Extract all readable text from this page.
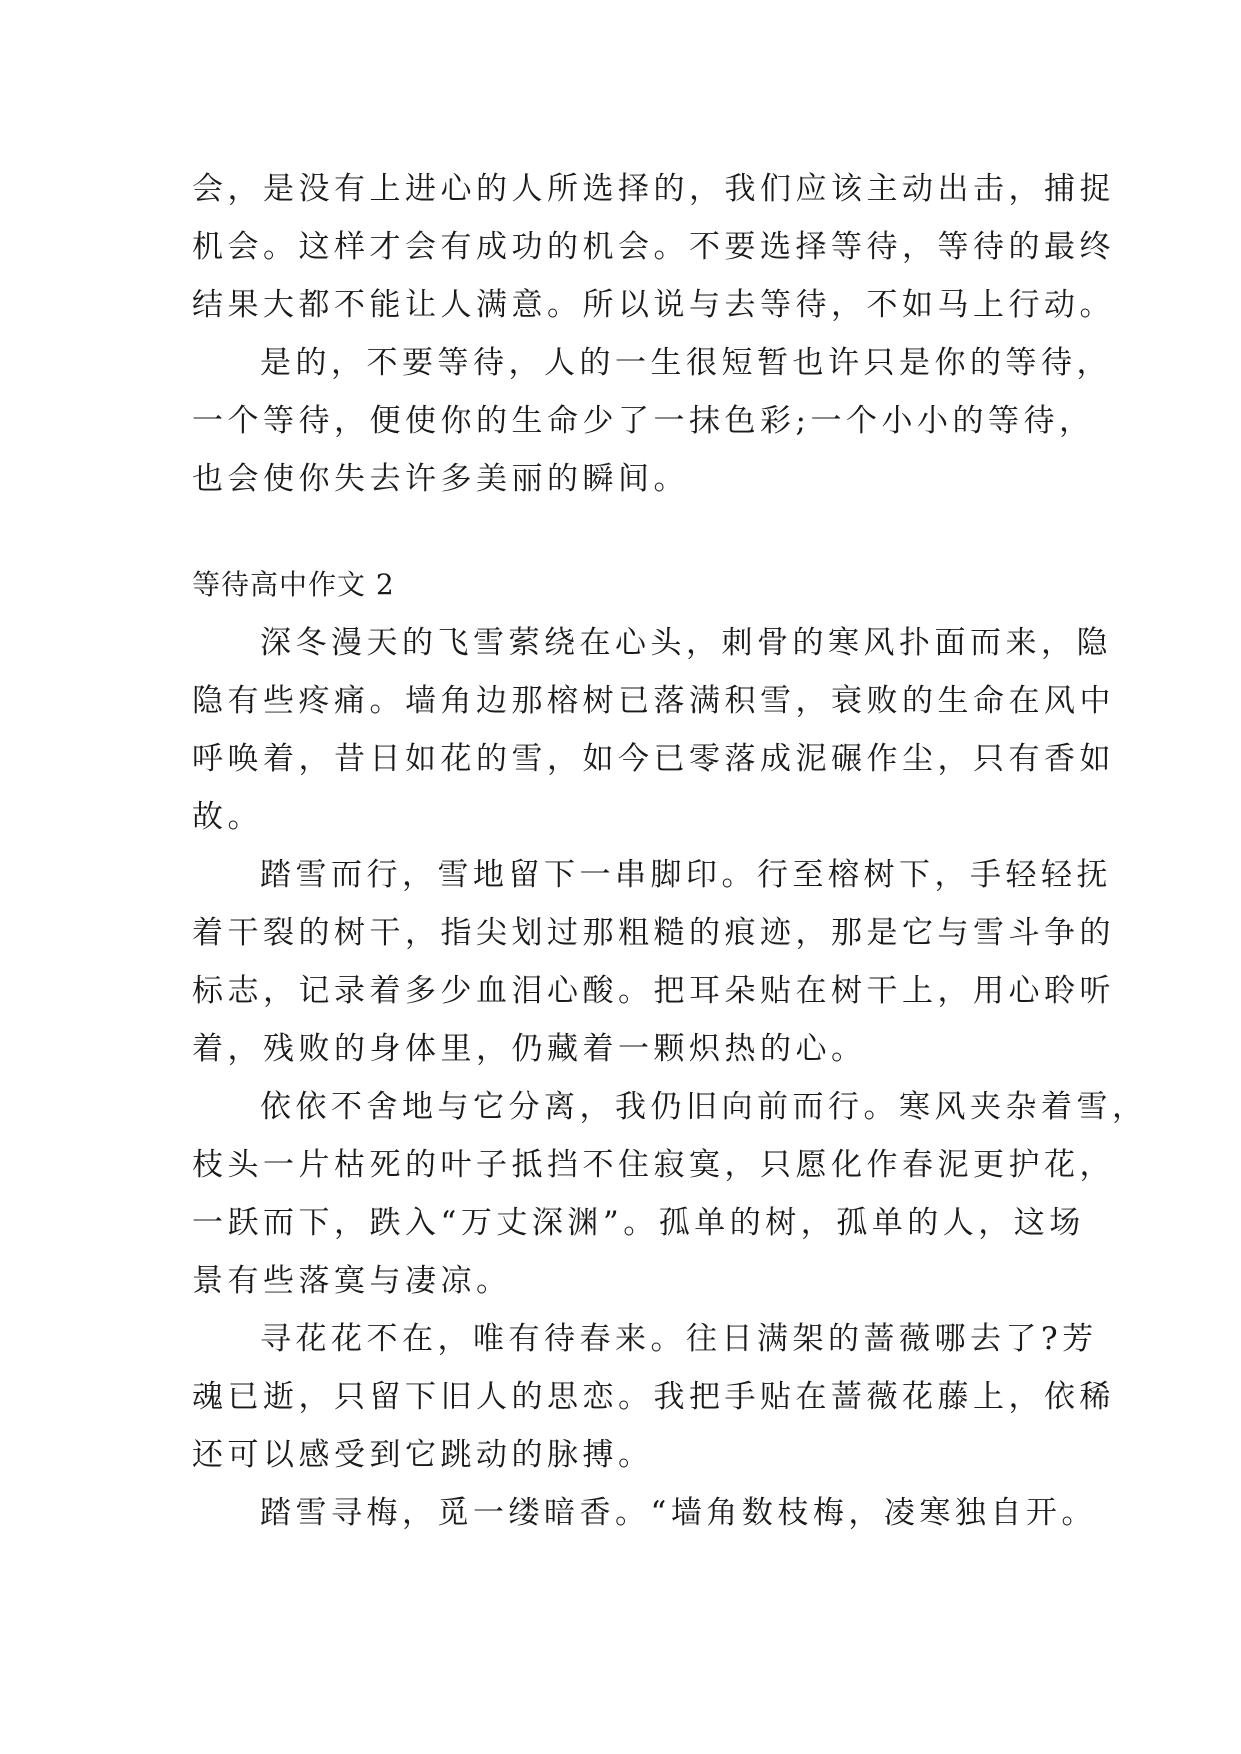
会，是没有上进心的人所选择的，我们应该主动出击，捕捉
机会。这样才会有成功的机会。不要选择等待，等待的最终
结果大都不能让人满意。所以说与去等待，不如马上行动。
是的，不要等待，人的一生很短暂也许只是你的等待，
一个等待，便使你的生命少了一抹色彩;一个小小的等待，
也会使你失去许多美丽的瞬间。
等待高中作文 2
深冬漫天的飞雪萦绕在心头，刺骨的寒风扑面而来，隐
隐有些疼痛。墙角边那榕树已落满积雪，衰败的生命在风中
呼唤着，昔日如花的雪，如今已零落成泥碾作尘，只有香如
故。
踏雪而行，雪地留下一串脚印。行至榕树下，手轻轻抚
着干裂的树干，指尖划过那粗糙的痕迹，那是它与雪斗争的
标志，记录着多少血泪心酸。把耳朵贴在树干上，用心聆听
着，残败的身体里，仍藏着一颗炽热的心。
依依不舍地与它分离，我仍旧向前而行。寒风夹杂着雪，
枝头一片枯死的叶子抵挡不住寂寞，只愿化作春泥更护花，
一跃而下，跌入“万丈深渊”。孤单的树，孤单的人，这场
景有些落寞与凄凉。
寻花花不在，唯有待春来。往日满架的蔷薇哪去了?芳
魂已逝，只留下旧人的思恋。我把手贴在蔷薇花藤上，依稀
还可以感受到它跳动的脉搏。
踏雪寻梅，觅一缕暗香。“墙角数枝梅，凌寒独自开。
